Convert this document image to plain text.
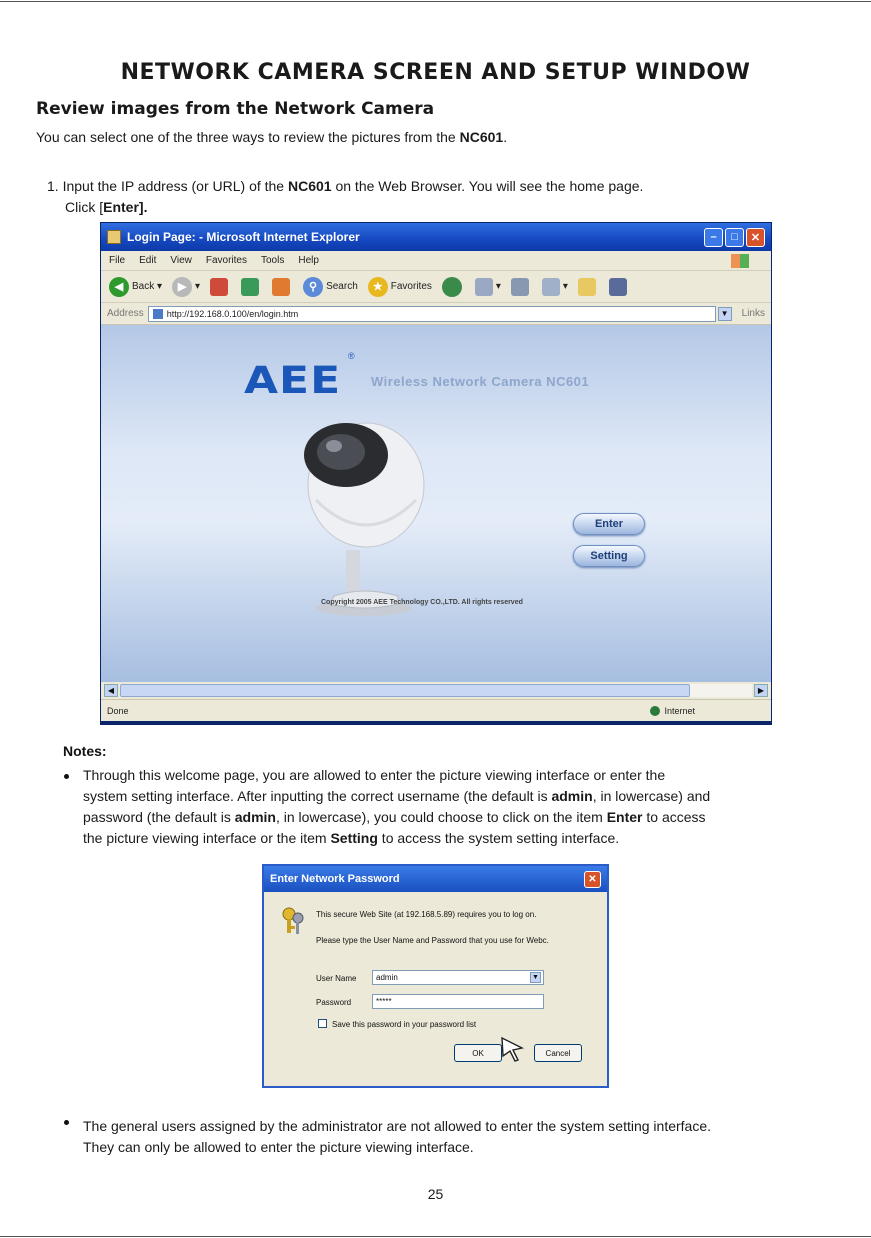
NETWORK CAMERA SCREEN AND SETUP WINDOW
Review images from the Network Camera
You can select one of the three ways to review the pictures from the NC601.
1. Input the IP address (or URL) of the NC601 on the Web Browser. You will see the home page.
Click [Enter].
Login Page: - Microsoft Internet Explorer	–	□	✕
File Edit View Favorites Tools Help
◀ Back ▾	▶ ▾	⚲ Search	★ Favorites	▾	▾
Address	http://192.168.0.100/en/login.htm	▼	Links
AEE
®
Wireless Network Camera NC601
Enter
Setting
Copyright 2005 AEE Technology CO.,LTD. All rights reserved
◀	▶
Done	Internet
Notes:
Through this welcome page, you are allowed to enter the picture viewing interface or enter the
system setting interface. After inputting the correct username (the default is admin, in lowercase) and
password (the default is admin, in lowercase), you could choose to click on the item Enter to access
the picture viewing interface or the item Setting to access the system setting interface.
Enter Network Password	✕
This secure Web Site (at 192.168.5.89) requires you to log on.
Please type the User Name and Password that you use for Webc.
User Name	admin	▼
Password	*****
Save this password in your password list
OK	Cancel
The general users assigned by the administrator are not allowed to enter the system setting interface.
They can only be allowed to enter the picture viewing interface.
25
